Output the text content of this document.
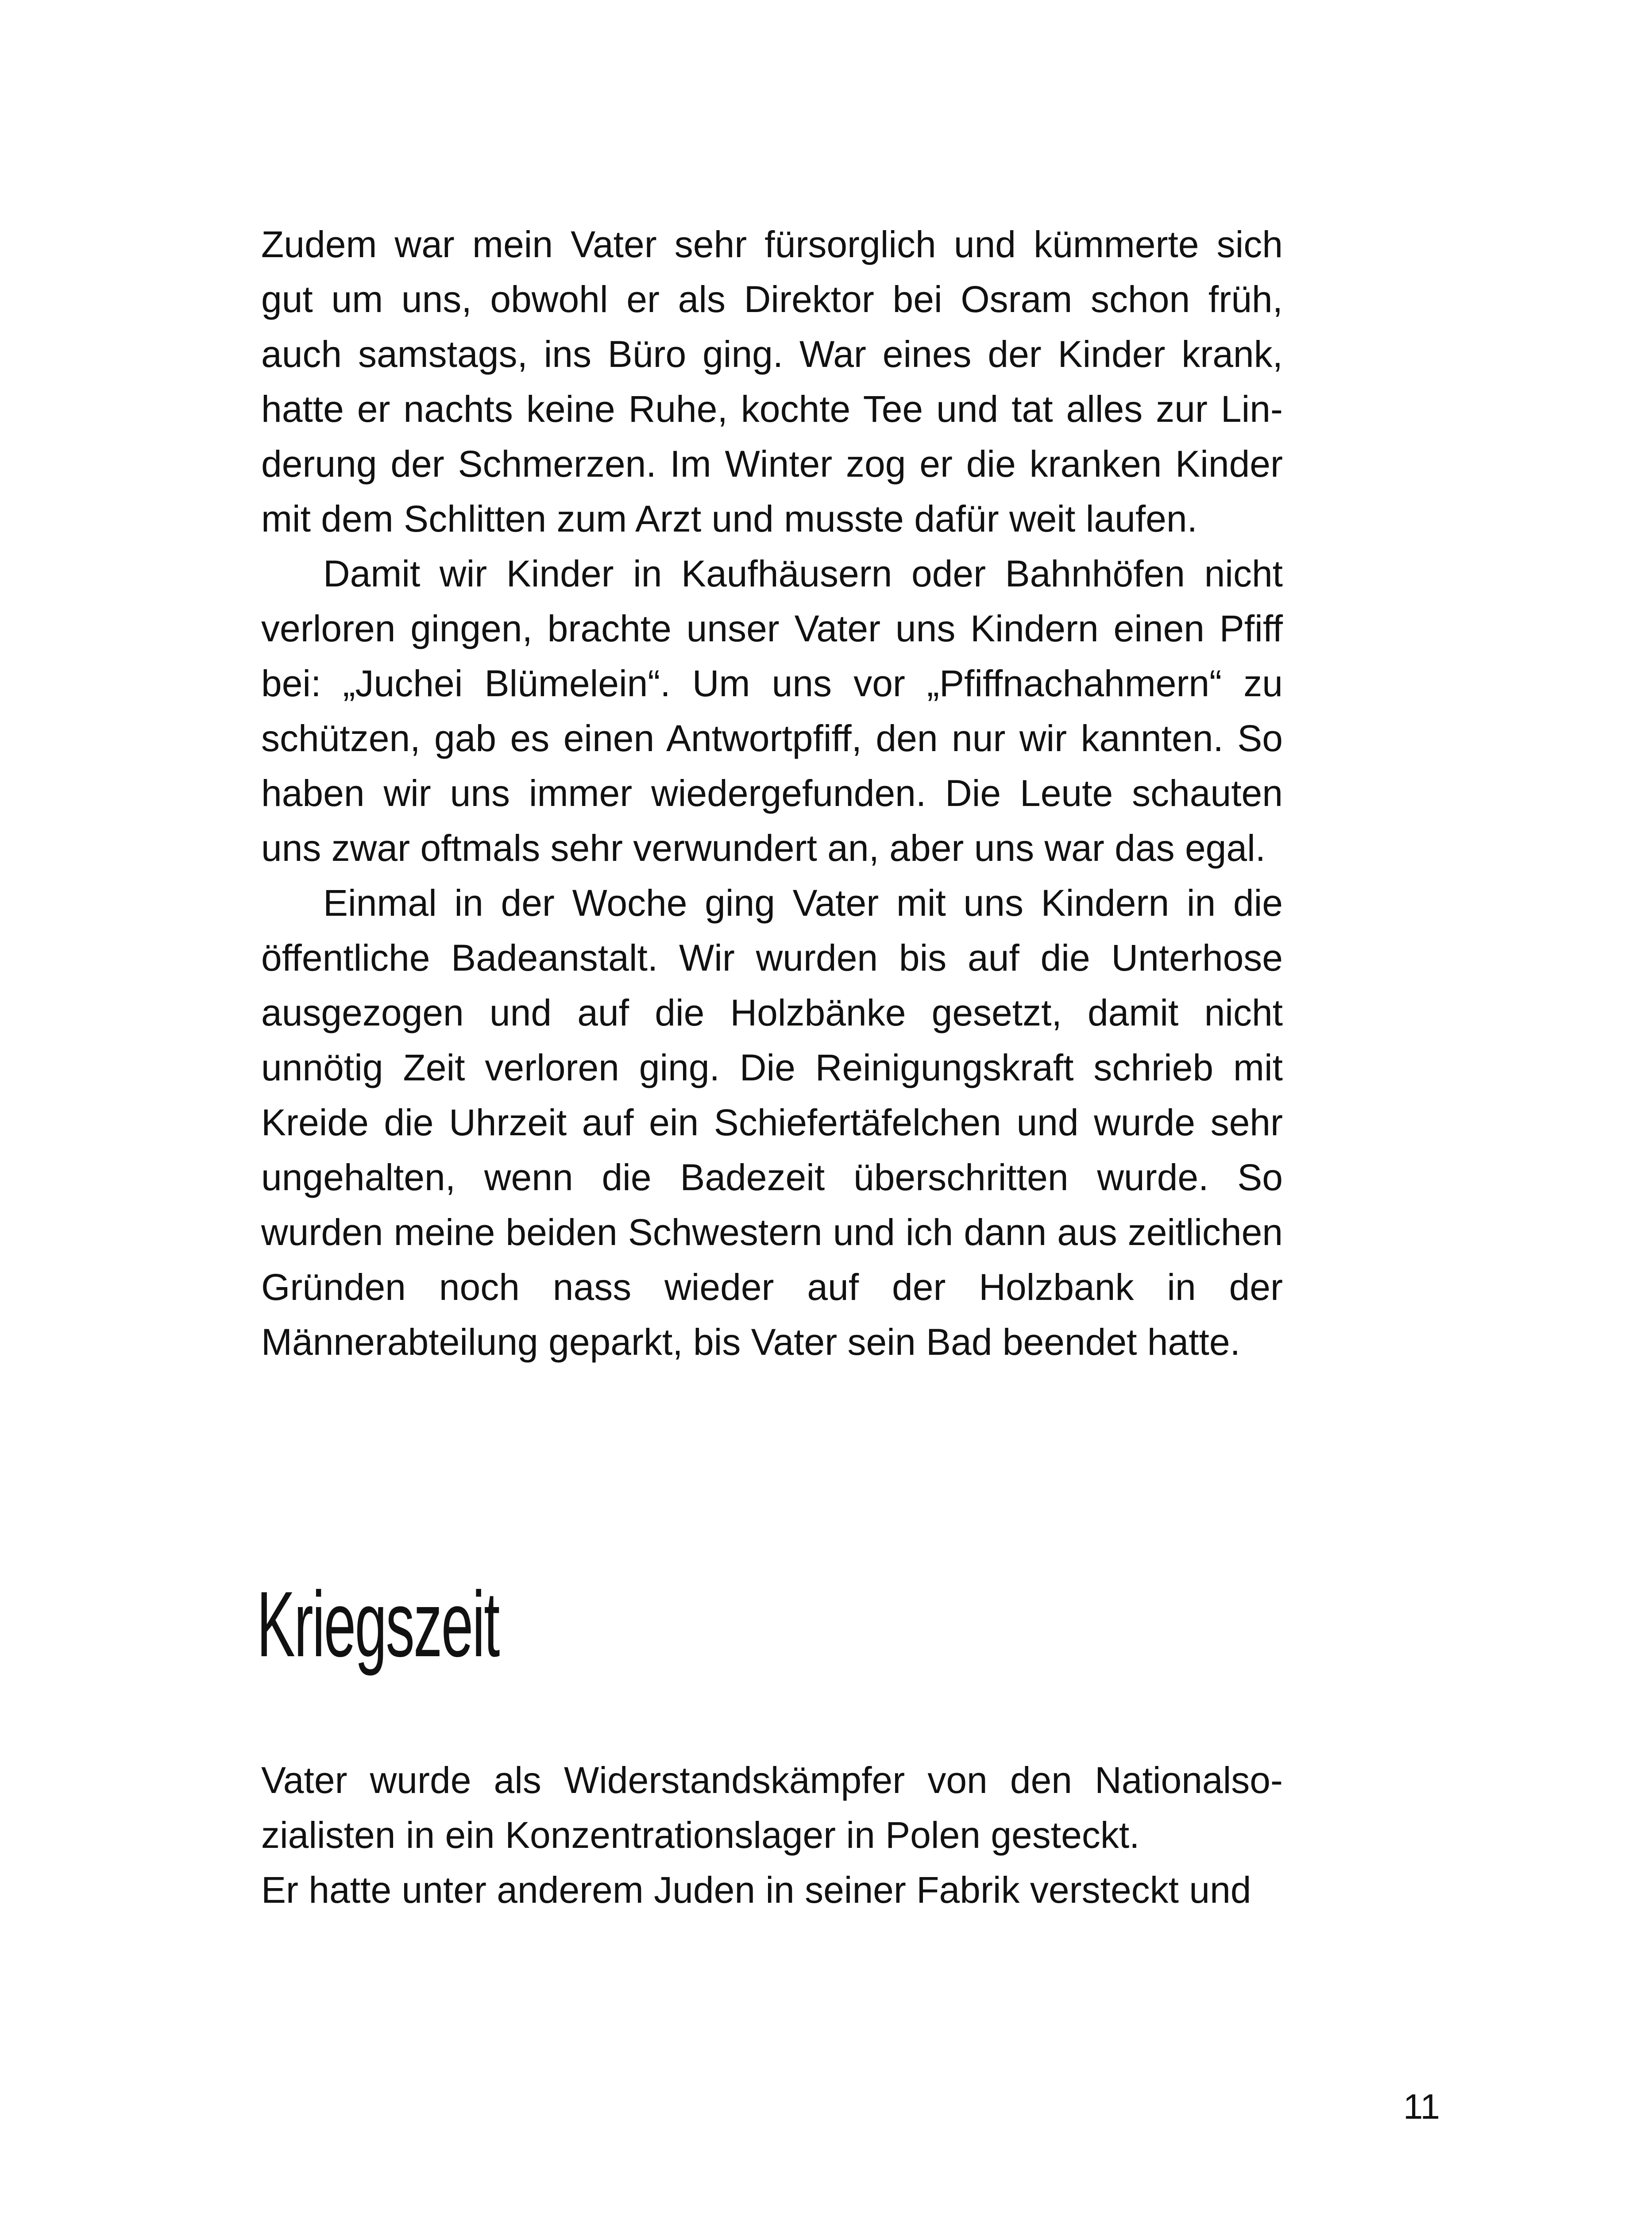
Zudem war mein Vater sehr fürsorglich und kümmerte sich gut um uns, obwohl er als Direktor bei Osram schon früh, auch samstags, ins Büro ging. War eines der Kinder krank, hatte er nachts keine Ruhe, kochte Tee und tat alles zur Linderung der Schmerzen. Im Winter zog er die kranken Kinder mit dem Schlitten zum Arzt und musste dafür weit laufen.

Damit wir Kinder in Kaufhäusern oder Bahnhöfen nicht verloren gingen, brachte unser Vater uns Kindern einen Pfiff bei: „Juchei Blümelein“. Um uns vor „Pfiffnachahmern“ zu schützen, gab es einen Antwortpfiff, den nur wir kannten. So haben wir uns immer wiedergefunden. Die Leute schauten uns zwar oftmals sehr verwundert an, aber uns war das egal.

Einmal in der Woche ging Vater mit uns Kindern in die öffentliche Badeanstalt. Wir wurden bis auf die Unterhose ausgezogen und auf die Holzbänke gesetzt, damit nicht unnötig Zeit verloren ging. Die Reinigungskraft schrieb mit Kreide die Uhrzeit auf ein Schiefertäfelchen und wurde sehr ungehalten, wenn die Badezeit überschritten wurde. So wurden meine beiden Schwestern und ich dann aus zeitlichen Gründen noch nass wieder auf der Holzbank in der Männerabteilung geparkt, bis Vater sein Bad beendet hatte.

Kriegszeit

Vater wurde als Widerstandskämpfer von den Nationalsozialisten in ein Konzentrationslager in Polen gesteckt.

Er hatte unter anderem Juden in seiner Fabrik versteckt und

11
